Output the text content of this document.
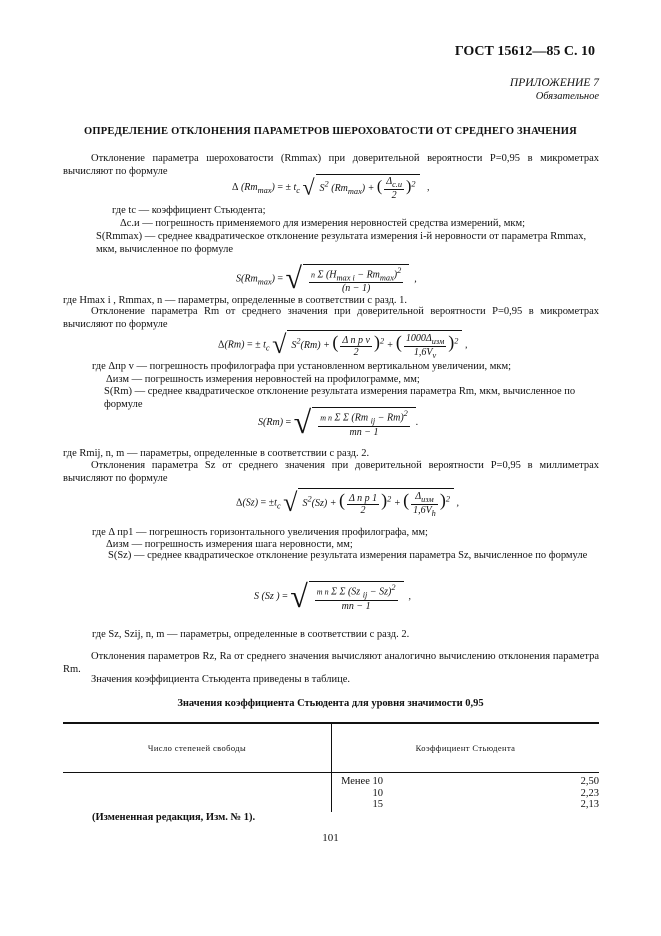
ГОСТ 15612—85 С. 10
ПРИЛОЖЕНИЕ 7
Обязательное
ОПРЕДЕЛЕНИЕ ОТКЛОНЕНИЯ ПАРАМЕТРОВ ШЕРОХОВАТОСТИ ОТ СРЕДНЕГО ЗНАЧЕНИЯ
Отклонение параметра шероховатости (Rmmax) при доверительной вероятности P=0,95 в микрометрах вычисляют по формуле
Δ $(Rm_{max})$ = ± $t_c$ √ $S^2$ $(Rm_{max})$ + ( $\frac{\Delta_{с.и}}{2} )^2$   ,
где tc — коэффициент Стьюдента;
Δс.и — погрешность применяемого для измерения неровностей средства измерений, мкм;
S(Rmmax) — среднее квадратическое отклонение результата измерения i-й неровности от параметра Rmmax, мкм, вычисленное по формуле
$S(Rm_{max})$ = √ $\frac{n \Sigma (H_{max i} - Rm_{max})^2}{(n - 1)}$ ,
где Hmax i , Rmmax, n — параметры, определенные в соответствии с разд. 1.
Отклонение параметра Rm от среднего значения при доверительной вероятности P=0,95 в микрометрах вычисляют по формуле
Δ(Rm) = ± $t_c$ √ $S^2(Rm)$ + ( $\frac{\text{Δ п р v}}{2} )^2$ + ( $\frac{1000\Delta_{изм}}{1,6V_v} )^2$ ,
где Δпр v — погрешность профилографа при установленном вертикальном увеличении, мкм;
Δизм — погрешность измерения неровностей на профилограмме, мм;
S(Rm) — среднее квадратическое отклонение результата измерения параметра Rm, мкм, вычисленное по формуле
S(Rm) = √ $\frac{m n \Sigma \Sigma (Rm _{ij} - Rm)^2}{mn - 1}$ .
где Rmij, n, m — параметры, определенные в соответствии с разд. 2.
Отклонения параметра Sz от среднего значения при доверительной вероятности P=0,95 в миллиметрах вычисляют по формуле
$\Delta(Sz) = \pm t_c$ √ $S^2(Sz)$ + ( $\frac{\text{Δ п р 1}}{2} )^2$ + ( $\frac{\Delta_{изм}}{1,6V_h} )^2$ ,
где Δ пр1 — погрешность горизонтального увеличения профилографа, мм;
Δизм — погрешность измерения шага неровности, мм;
S(Sz) — среднее квадратическое отклонение результата измерения параметра Sz, вычисленное по формуле
S (Sz ) = √ $\frac{m n \Sigma \Sigma (Sz _{ij} - Sz)^2}{mn - 1}$ ,
где Sz, Szij, n, m — параметры, определенные в соответствии с разд. 2.
Отклонения параметров Rz, Ra от среднего значения вычисляют аналогично вычислению отклонения параметра Rm.
Значения коэффициента Стьюдента приведены в таблице.
Значения коэффициента Стьюдента для уровня значимости 0,95
Число степеней свободы	Коэффициент Стьюдента
Менее 10	2,50
10	2,23
15	2,13
(Измененная редакция, Изм. № 1).
101
